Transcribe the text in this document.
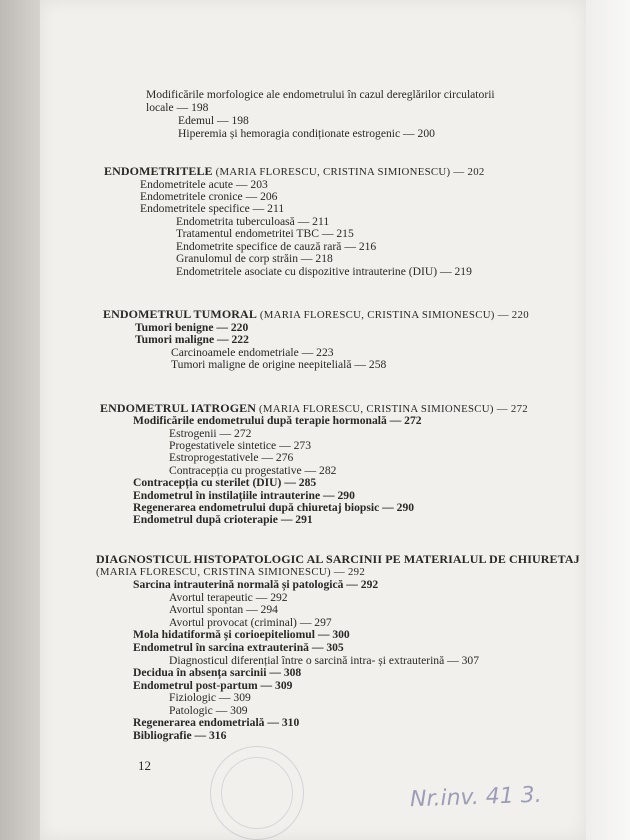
Modificările morfologice ale endometrului în cazul dereglărilor circulatorii
locale — 198
Edemul — 198
Hiperemia și hemoragia condiționate estrogenic — 200
ENDOMETRITELE (MARIA FLORESCU, CRISTINA SIMIONESCU) — 202
Endometritele acute — 203
Endometritele cronice — 206
Endometritele specifice — 211
Endometrita tuberculoasă — 211
Tratamentul endometritei TBC — 215
Endometrite specifice de cauză rară — 216
Granulomul de corp străin — 218
Endometritele asociate cu dispozitive intrauterine (DIU) — 219
ENDOMETRUL TUMORAL (MARIA FLORESCU, CRISTINA SIMIONESCU) — 220
Tumori benigne — 220
Tumori maligne — 222
Carcinoamele endometriale — 223
Tumori maligne de origine neepitelială — 258
ENDOMETRUL IATROGEN (MARIA FLORESCU, CRISTINA SIMIONESCU) — 272
Modificările endometrului după terapie hormonală — 272
Estrogenii — 272
Progestativele sintetice — 273
Estroprogestativele — 276
Contracepția cu progestative — 282
Contracepția cu sterilet (DIU) — 285
Endometrul în instilațiile intrauterine — 290
Regenerarea endometrului după chiuretaj biopsic — 290
Endometrul după crioterapie — 291
DIAGNOSTICUL HISTOPATOLOGIC AL SARCINII PE MATERIALUL DE CHIURETAJ
(MARIA FLORESCU, CRISTINA SIMIONESCU) — 292
Sarcina intrauterină normală și patologică — 292
Avortul terapeutic — 292
Avortul spontan — 294
Avortul provocat (criminal) — 297
Mola hidatiformă și corioepiteliomul — 300
Endometrul în sarcina extrauterină — 305
Diagnosticul diferențial între o sarcină intra- și extrauterină — 307
Decidua în absența sarcinii — 308
Endometrul post-partum — 309
Fiziologic — 309
Patologic — 309
Regenerarea endometrială — 310
Bibliografie — 316
12
Nr.inv. 41 3.
